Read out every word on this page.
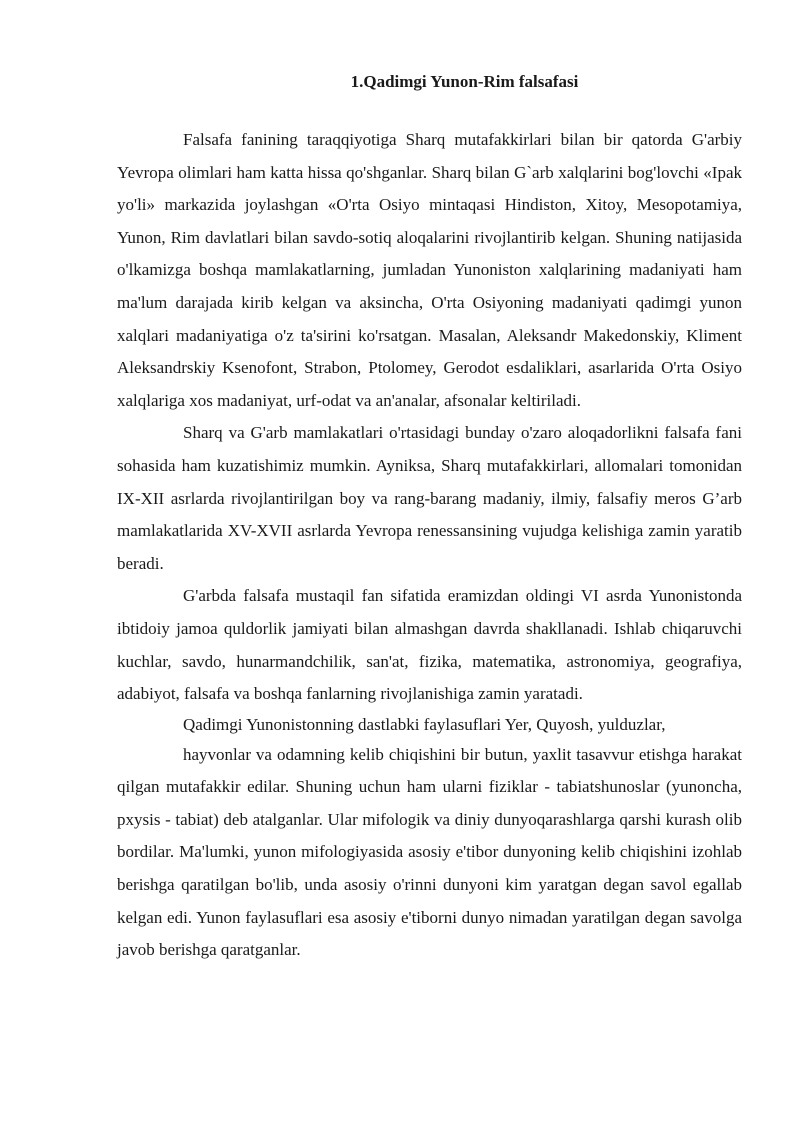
1.Qadimgi Yunon-Rim falsafasi

Falsafa fanining taraqqiyotiga Sharq mutafakkirlari bilan bir qatorda G'arbiy Yevropa olimlari ham katta hissa qo'shganlar. Sharq bilan G`arb xalqlarini bog'lovchi «Ipak yo'li» markazida joylashgan «O'rta Osiyo mintaqasi Hindiston, Xitoy, Mesopotamiya, Yunon, Rim davlatlari bilan savdo-sotiq aloqalarini rivojlantirib kelgan. Shuning natijasida o'lkamizga boshqa mamlakatlarning, jumladan Yunoniston xalqlarining madaniyati ham ma'lum darajada kirib kelgan va aksincha, O'rta Osiyoning madaniyati qadimgi yunon xalqlari madaniyatiga o'z ta'sirini ko'rsatgan. Masalan, Aleksandr Makedonskiy, Kliment Aleksandrskiy Ksenofont, Strabon, Ptolomey, Gerodot esdaliklari, asarlarida O'rta Osiyo xalqlariga xos madaniyat, urf-odat va an'analar, afsonalar keltiriladi.

Sharq va G'arb mamlakatlari o'rtasidagi bunday o'zaro aloqadorlikni falsafa fani sohasida ham kuzatishimiz mumkin. Ayniksa, Sharq mutafakkirlari, allomalari tomonidan IX-XII asrlarda rivojlantirilgan boy va rang-barang madaniy, ilmiy, falsafiy meros G’arb mamlakatlarida XV-XVII asrlarda Yevropa renessansining vujudga kelishiga zamin yaratib beradi.

G'arbda falsafa mustaqil fan sifatida eramizdan oldingi VI asrda Yunonistonda ibtidoiy jamoa quldorlik jamiyati bilan almashgan davrda shakllanadi. Ishlab chiqaruvchi kuchlar, savdo, hunarmandchilik, san'at, fizika, matematika, astronomiya, geografiya, adabiyot, falsafa va boshqa fanlarning rivojlanishiga zamin yaratadi.

Qadimgi Yunonistonning dastlabki faylasuflari Yer, Quyosh, yulduzlar,

hayvonlar va odamning kelib chiqishini bir butun, yaxlit tasavvur etishga harakat qilgan mutafakkir edilar. Shuning uchun ham ularni fiziklar - tabiatshunoslar (yunoncha, pxysis - tabiat) deb atalganlar. Ular mifologik va diniy dunyoqarashlarga qarshi kurash olib bordilar. Ma'lumki, yunon mifologiyasida asosiy e'tibor dunyoning kelib chiqishini izohlab berishga qaratilgan bo'lib, unda asosiy o'rinni dunyoni kim yaratgan degan savol egallab kelgan edi. Yunon faylasuflari esa asosiy e'tiborni dunyo nimadan yaratilgan degan savolga javob berishga qaratganlar.
